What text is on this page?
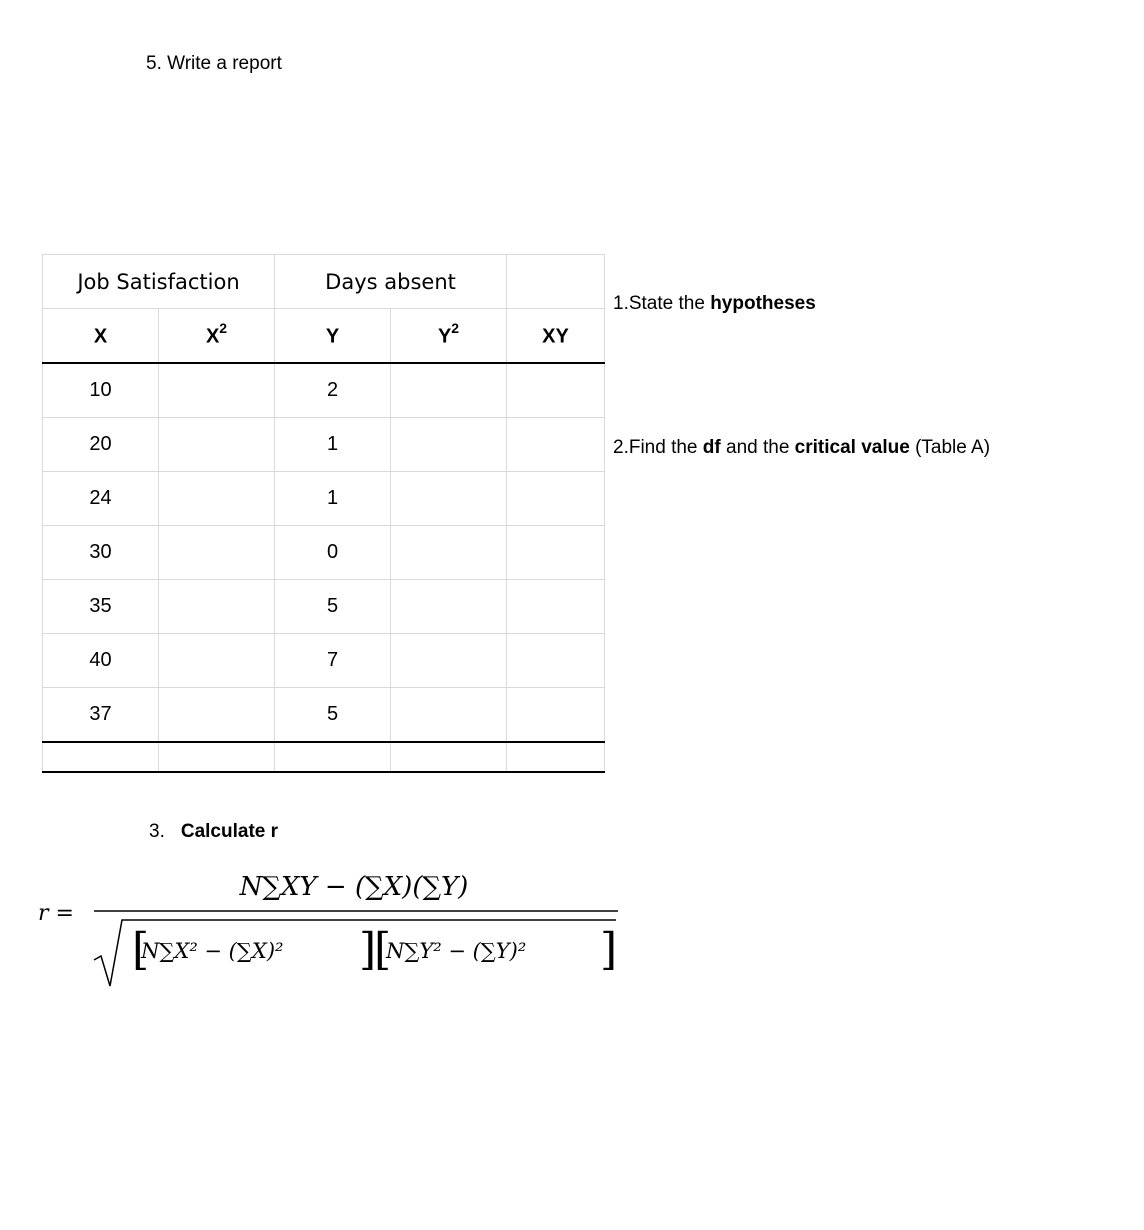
5. Write a report
Job Satisfaction		Days absent		
X	$X^2$	Y	$Y^2$	XY
10		2		
20		1		
24		1		
30		0		
35		5		
40		7		
37		5		

1.State the hypotheses
2.Find the df and the critical value (Table A)
3. Calculate r
r =
N∑XY − (∑X)(∑Y)
[
N∑X² − (∑X)² ]
[
N∑Y² − (∑Y)² ]
